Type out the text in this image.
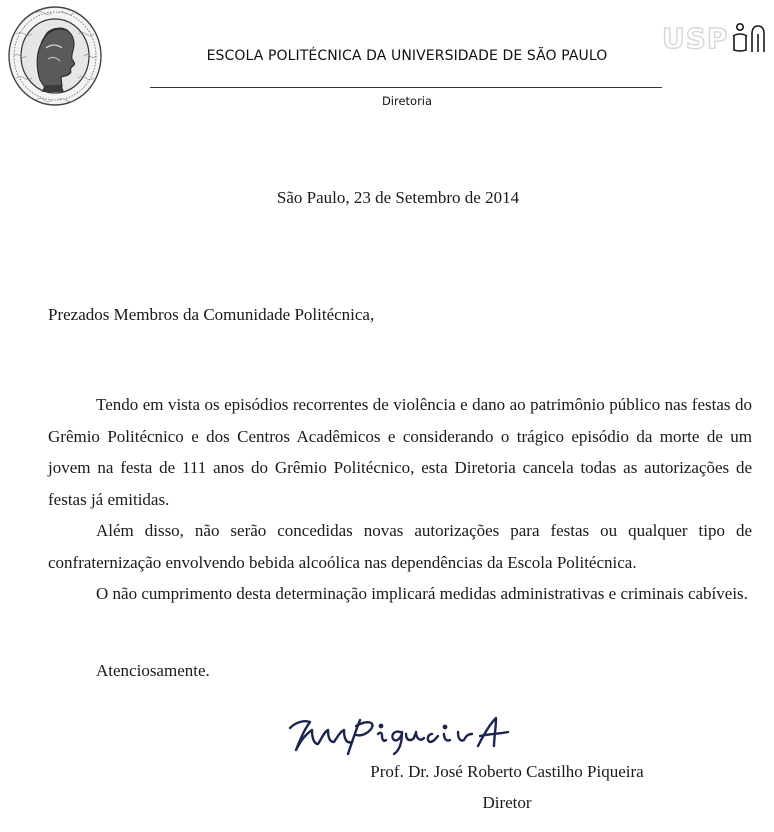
USP
ESCOLA POLITÉCNICA DA UNIVERSIDADE DE SÃO PAULO
Diretoria
São Paulo, 23 de Setembro de 2014
Prezados Membros da Comunidade Politécnica,

Tendo em vista os episódios recorrentes de violência e dano ao patrimônio público nas festas do Grêmio Politécnico e dos Centros Acadêmicos e considerando o trágico episódio da morte de um jovem na festa de 111 anos do Grêmio Politécnico, esta Diretoria cancela todas as autorizações de festas já emitidas.

Além disso, não serão concedidas novas autorizações para festas ou qualquer tipo de confraternização envolvendo bebida alcoólica nas dependências da Escola Politécnica.

O não cumprimento desta determinação implicará medidas administrativas e criminais cabíveis.

Atenciosamente.
JRCPiqueira
Prof. Dr. José Roberto Castilho Piqueira
Diretor
